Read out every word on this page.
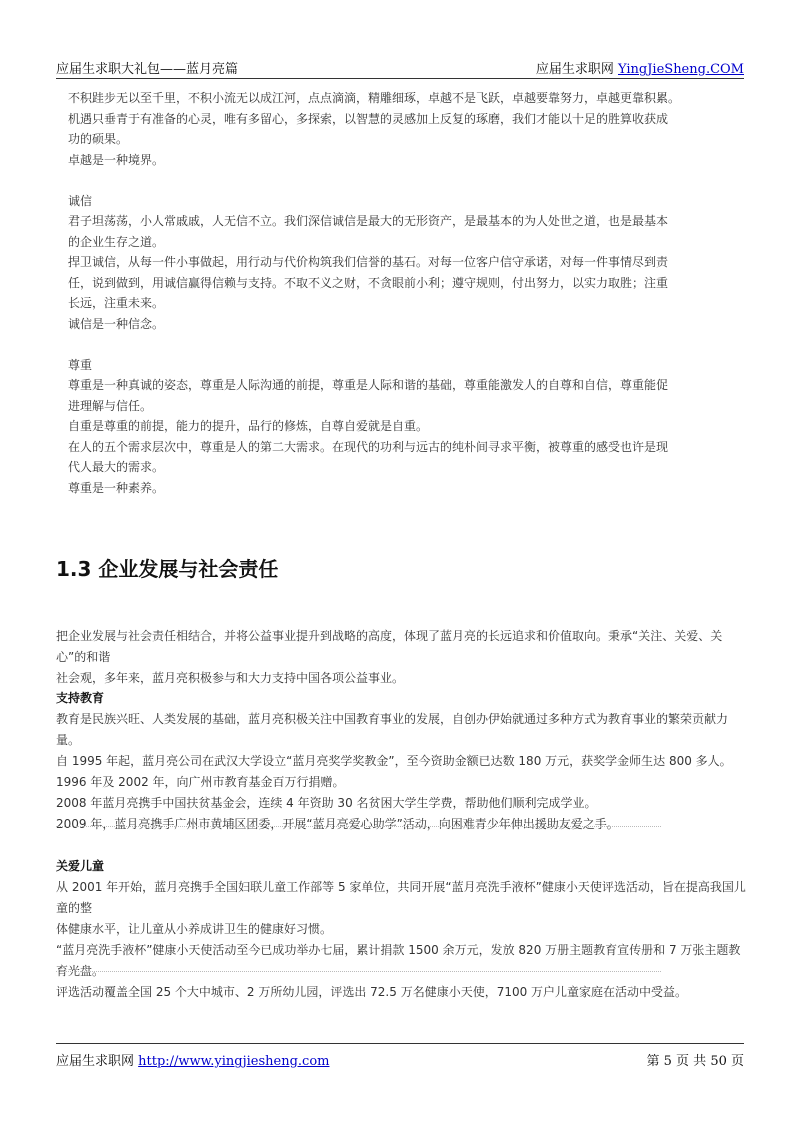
应届生求职大礼包——蓝月亮篇	应届生求职网 YingJieSheng.COM

不积跬步无以至千里，不积小流无以成江河，点点滴滴，精雕细琢，卓越不是飞跃，卓越要靠努力，卓越更靠积累。

机遇只垂青于有准备的心灵，唯有多留心，多探索，以智慧的灵感加上反复的琢磨，我们才能以十足的胜算收获成

功的硕果。

卓越是一种境界。

诚信

君子坦荡荡，小人常戚戚，人无信不立。我们深信诚信是最大的无形资产，是最基本的为人处世之道，也是最基本

的企业生存之道。

捍卫诚信，从每一件小事做起，用行动与代价构筑我们信誉的基石。对每一位客户信守承诺，对每一件事情尽到责

任，说到做到，用诚信赢得信赖与支持。不取不义之财，不贪眼前小利；遵守规则，付出努力，以实力取胜；注重

长远，注重未来。

诚信是一种信念。

尊重

尊重是一种真诚的姿态，尊重是人际沟通的前提，尊重是人际和谐的基础，尊重能激发人的自尊和自信，尊重能促

进理解与信任。

自重是尊重的前提，能力的提升，品行的修炼，自尊自爱就是自重。

在人的五个需求层次中，尊重是人的第二大需求。在现代的功利与远古的纯朴间寻求平衡，被尊重的感受也许是现

代人最大的需求。

尊重是一种素养。

1.3 企业发展与社会责任

把企业发展与社会责任相结合，并将公益事业提升到战略的高度，体现了蓝月亮的长远追求和价值取向。秉承“关注、关爱、关心”的和谐

社会观，多年来，蓝月亮积极参与和大力支持中国各项公益事业。

支持教育

教育是民族兴旺、人类发展的基础，蓝月亮积极关注中国教育事业的发展，自创办伊始就通过多种方式为教育事业的繁荣贡献力量。

自 1995 年起，蓝月亮公司在武汉大学设立“蓝月亮奖学奖教金”，至今资助金额已达数 180 万元，获奖学金师生达 800 多人。

1996 年及 2002 年，向广州市教育基金百万行捐赠。

2008 年蓝月亮携手中国扶贫基金会，连续 4 年资助 30 名贫困大学生学费，帮助他们顺利完成学业。

2009 年，蓝月亮携手广州市黄埔区团委，开展“蓝月亮爱心助学”活动，向困难青少年伸出援助友爱之手。

关爱儿童

从 2001 年开始，蓝月亮携手全国妇联儿童工作部等 5 家单位，共同开展“蓝月亮洗手液杯”健康小天使评选活动，旨在提高我国儿童的整

体健康水平，让儿童从小养成讲卫生的健康好习惯。

“蓝月亮洗手液杯”健康小天使活动至今已成功举办七届，累计捐款 1500 余万元，发放 820 万册主题教育宣传册和 7 万张主题教育光盘。

评选活动覆盖全国 25 个大中城市、2 万所幼儿园，评选出 72.5 万名健康小天使，7100 万户儿童家庭在活动中受益。

应届生求职网 http://www.yingjiesheng.com	第 5 页 共 50 页
